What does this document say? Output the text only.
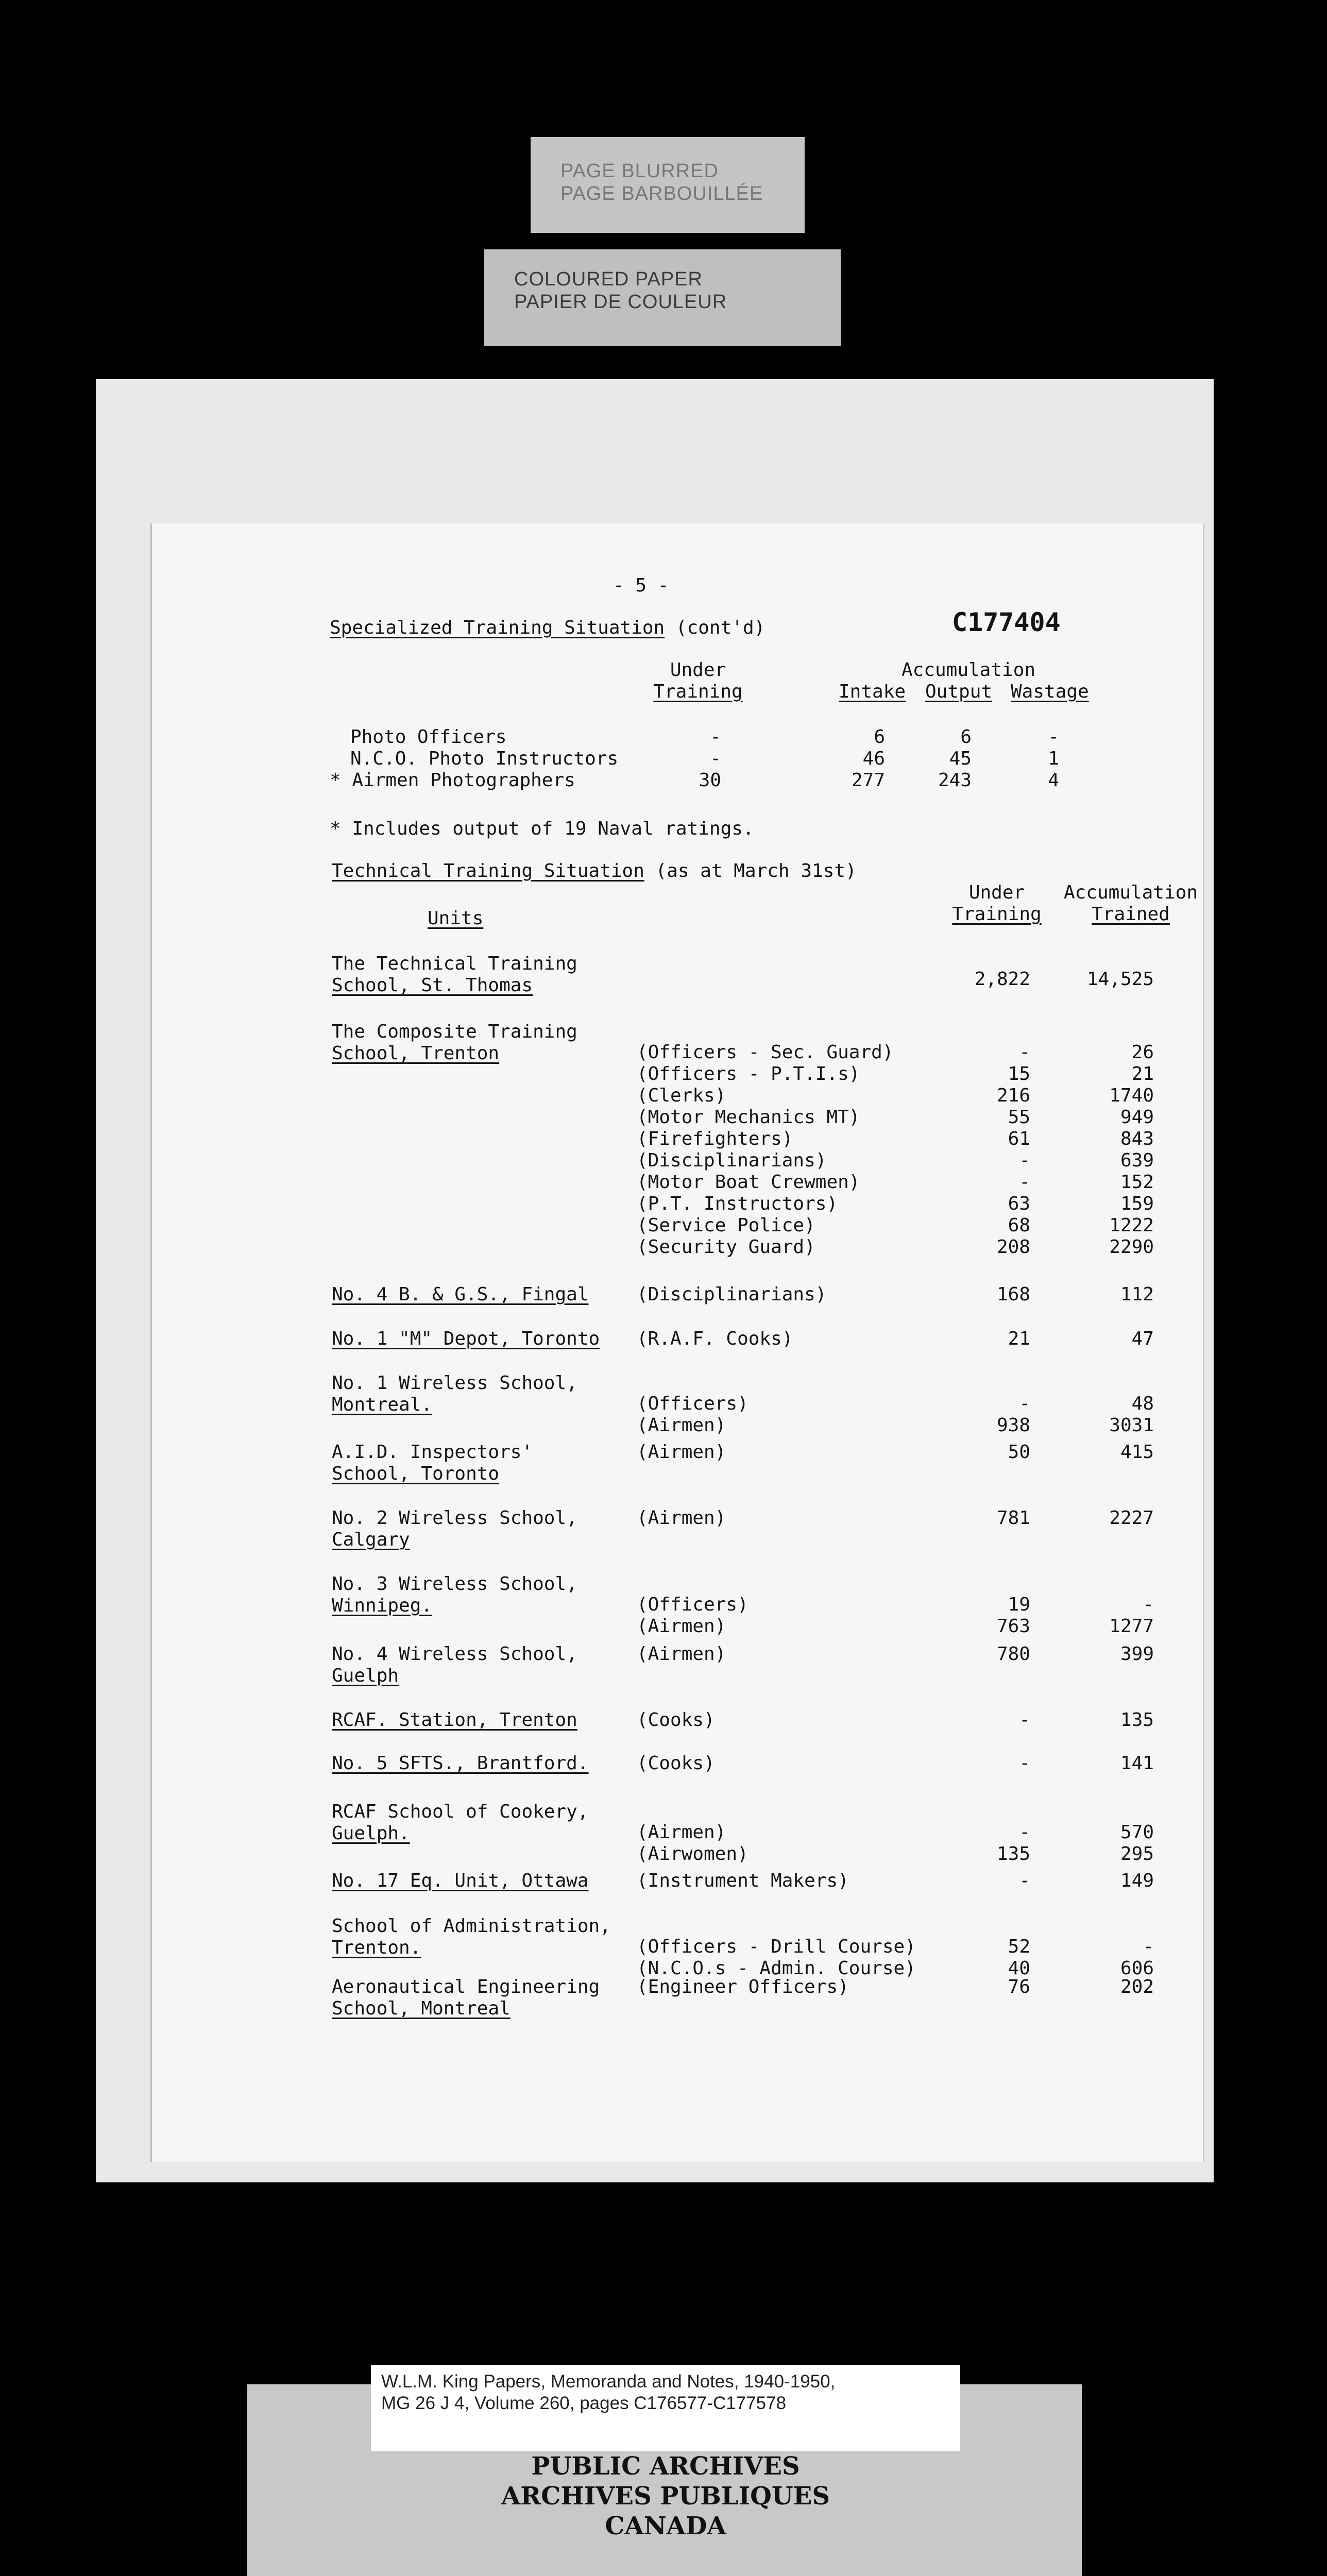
PAGE BLURRED
PAGE BARBOUILLÉE
COLOURED PAPER
PAPIER DE COULEUR
- 5 -
C177404
Specialized Training Situation (cont'd)
Under
Training
Accumulation
Intake Output Wastage
Photo Officers	-	6	6	-
N.C.O. Photo Instructors	-	46	45	1
* Airmen Photographers	30	277	243	4
* Includes output of 19 Naval ratings.
Technical Training Situation (as at March 31st)
Units
Under
Training
Accumulation
Trained
The Technical Training
School, St. Thomas	2,822	14,525
The Composite Training
School, Trenton	(Officers - Sec. Guard)	-	26
(Officers - P.T.I.s)	15	21
(Clerks)	216	1740
(Motor Mechanics MT)	55	949
(Firefighters)	61	843
(Disciplinarians)	-	639
(Motor Boat Crewmen)	-	152
(P.T. Instructors)	63	159
(Service Police)	68	1222
(Security Guard)	208	2290
No. 4 B. & G.S., Fingal	(Disciplinarians)	168	112
No. 1 "M" Depot, Toronto (R.A.F. Cooks)	21	47
No. 1 Wireless School,
Montreal.	(Officers)	-	48
(Airmen)	938	3031
A.I.D. Inspectors'
School, Toronto
(Airmen)	50	415
No. 2 Wireless School,
Calgary
(Airmen)	781	2227
No. 3 Wireless School,
Winnipeg.	(Officers)	19	-
(Airmen)	763	1277
No. 4 Wireless School,
Guelph
(Airmen)	780	399
RCAF. Station, Trenton	(Cooks)	-	135
No. 5 SFTS., Brantford.	(Cooks)	-	141
RCAF School of Cookery,
Guelph.	(Airmen)	-	570
(Airwomen)	135	295
No. 17 Eq. Unit, Ottawa	(Instrument Makers)	-	149
School of Administration,
Trenton.	(Officers - Drill Course)	52	-
(N.C.O.s - Admin. Course)	40	606
Aeronautical Engineering
School, Montreal
(Engineer Officers)	76	202
W.L.M. King Papers, Memoranda and Notes, 1940-1950,
MG 26 J 4, Volume 260, pages C176577-C177578
PUBLIC ARCHIVES
ARCHIVES PUBLIQUES
CANADA
